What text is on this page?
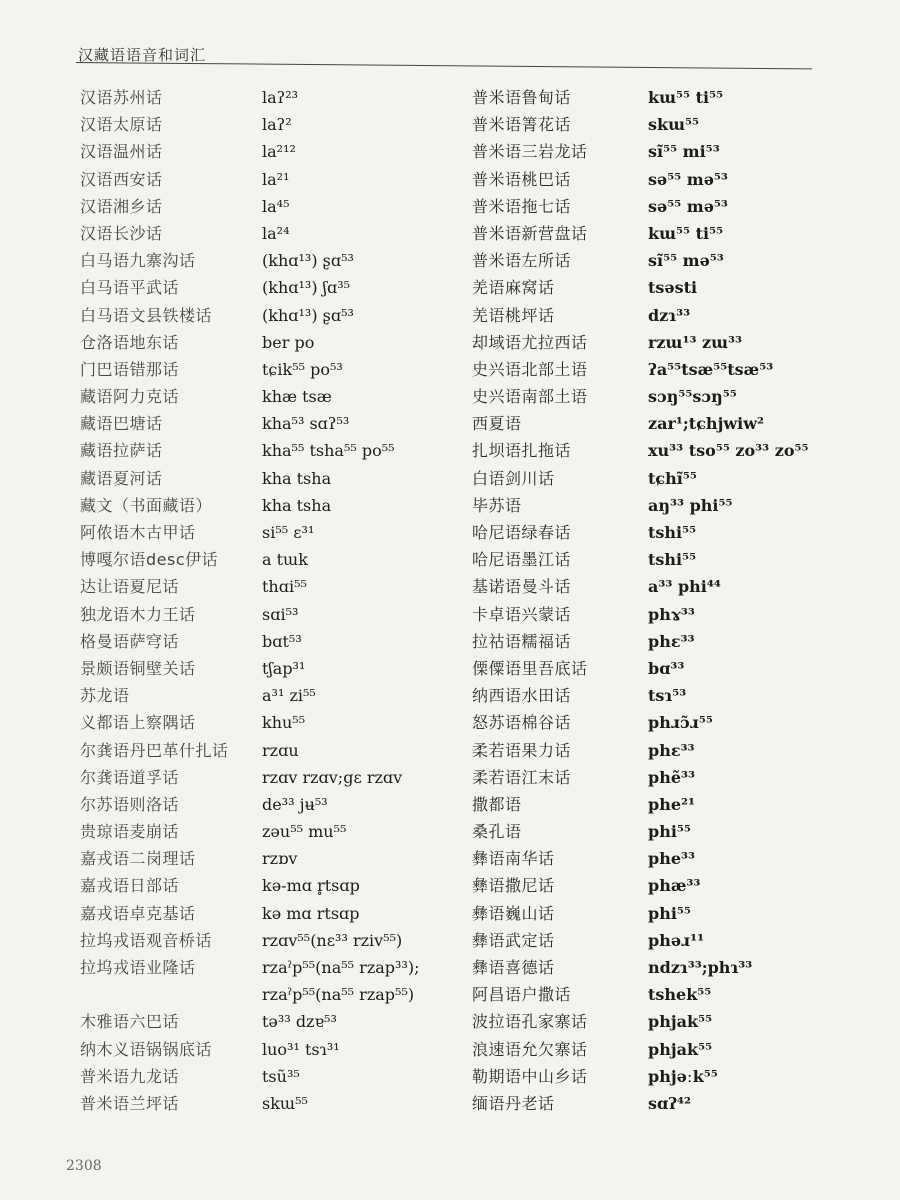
汉藏语语音和词汇
汉语苏州话	laʔ²³
汉语太原话	laʔ²
汉语温州话	la²¹²
汉语西安话	la²¹
汉语湘乡话	la⁴⁵
汉语长沙话	la²⁴
白马语九寨沟话	(khɑ¹³) ʂɑ⁵³
白马语平武话	(khɑ¹³) ʃɑ³⁵
白马语文县铁楼话	(khɑ¹³) ʂɑ⁵³
仓洛语地东话	ber po
门巴语错那话	tɕik⁵⁵ po⁵³
藏语阿力克话	khæ tsæ
藏语巴塘话	kha⁵³ sɑʔ⁵³
藏语拉萨话	kha⁵⁵ tsha⁵⁵ po⁵⁵
藏语夏河话	kha tsha
藏文（书面藏语）	kha tsha
阿侬语木古甲话	si⁵⁵ ɛ³¹
博嘎尔语desc伊话	a tɯk
达让语夏尼话	thɑi⁵⁵
独龙语木力王话	sɑi⁵³
格曼语萨穹话	bɑt⁵³
景颇语铜壁关话	tʃap³¹
苏龙语	a³¹ zi⁵⁵
义都语上察隅话	khu⁵⁵
尔龚语丹巴革什扎话	rzɑu
尔龚语道孚话	rzɑv rzɑv;gɛ rzɑv
尔苏语则洛话	de³³ jʉ⁵³
贵琼语麦崩话	zəu⁵⁵ mu⁵⁵
嘉戎语二岗理话	rzɒv
嘉戎语日部话	kə-mɑ r̥tsɑp
嘉戎语卓克基话	kə mɑ rtsɑp
拉坞戎语观音桥话	rzɑv⁵⁵(nɛ³³ rziv⁵⁵)
拉坞戎语业隆话	rzaˀp⁵⁵(na⁵⁵ rzap³³);
rzaˀp⁵⁵(na⁵⁵ rzap⁵⁵)
木雅语六巴话	tə³³ dzɐ⁵³
纳木义语锅锅底话	luo³¹ tsɿ³¹
普米语九龙话	tsũ³⁵
普米语兰坪话	skɯ⁵⁵
普米语鲁甸话	kɯ⁵⁵ ti⁵⁵
普米语箐花话	skɯ⁵⁵
普米语三岩龙话	sĩ⁵⁵ mi⁵³
普米语桃巴话	sə⁵⁵ mə⁵³
普米语拖七话	sə⁵⁵ mə⁵³
普米语新营盘话	kɯ⁵⁵ ti⁵⁵
普米语左所话	sĩ⁵⁵ mə⁵³
羌语麻窝话	tsəsti
羌语桃坪话	dzɿ³³
却域语尤拉西话	rzɯ¹³ zɯ³³
史兴语北部土语	ʔa⁵⁵tsæ⁵⁵tsæ⁵³
史兴语南部土语	sɔŋ⁵⁵sɔŋ⁵⁵
西夏语	zar¹;tɕhjwiw²
扎坝语扎拖话	xu³³ tso⁵⁵ zo³³ zo⁵⁵
白语剑川话	tɕhĩ⁵⁵
毕苏语	aŋ³³ phi⁵⁵
哈尼语绿春话	tshi⁵⁵
哈尼语墨江话	tshi⁵⁵
基诺语曼斗话	a³³ phi⁴⁴
卡卓语兴蒙话	phɤ³³
拉祜语糯福话	phɛ³³
傈僳语里吾底话	bɑ³³
纳西语水田话	tsɿ⁵³
怒苏语棉谷话	phɹɔ̃ɹ⁵⁵
柔若语果力话	phɛ³³
柔若语江末话	phẽ³³
撒都语	phe²¹
桑孔语	phi⁵⁵
彝语南华话	phe³³
彝语撒尼话	phæ³³
彝语巍山话	phi⁵⁵
彝语武定话	phəɹ¹¹
彝语喜德话	ndzɿ³³;phɿ³³
阿昌语户撒话	tshek⁵⁵
波拉语孔家寨话	phjak⁵⁵
浪速语允欠寨话	phjak⁵⁵
勒期语中山乡话	phjəːk⁵⁵
缅语丹老话	sɑʔ⁴²
2308
